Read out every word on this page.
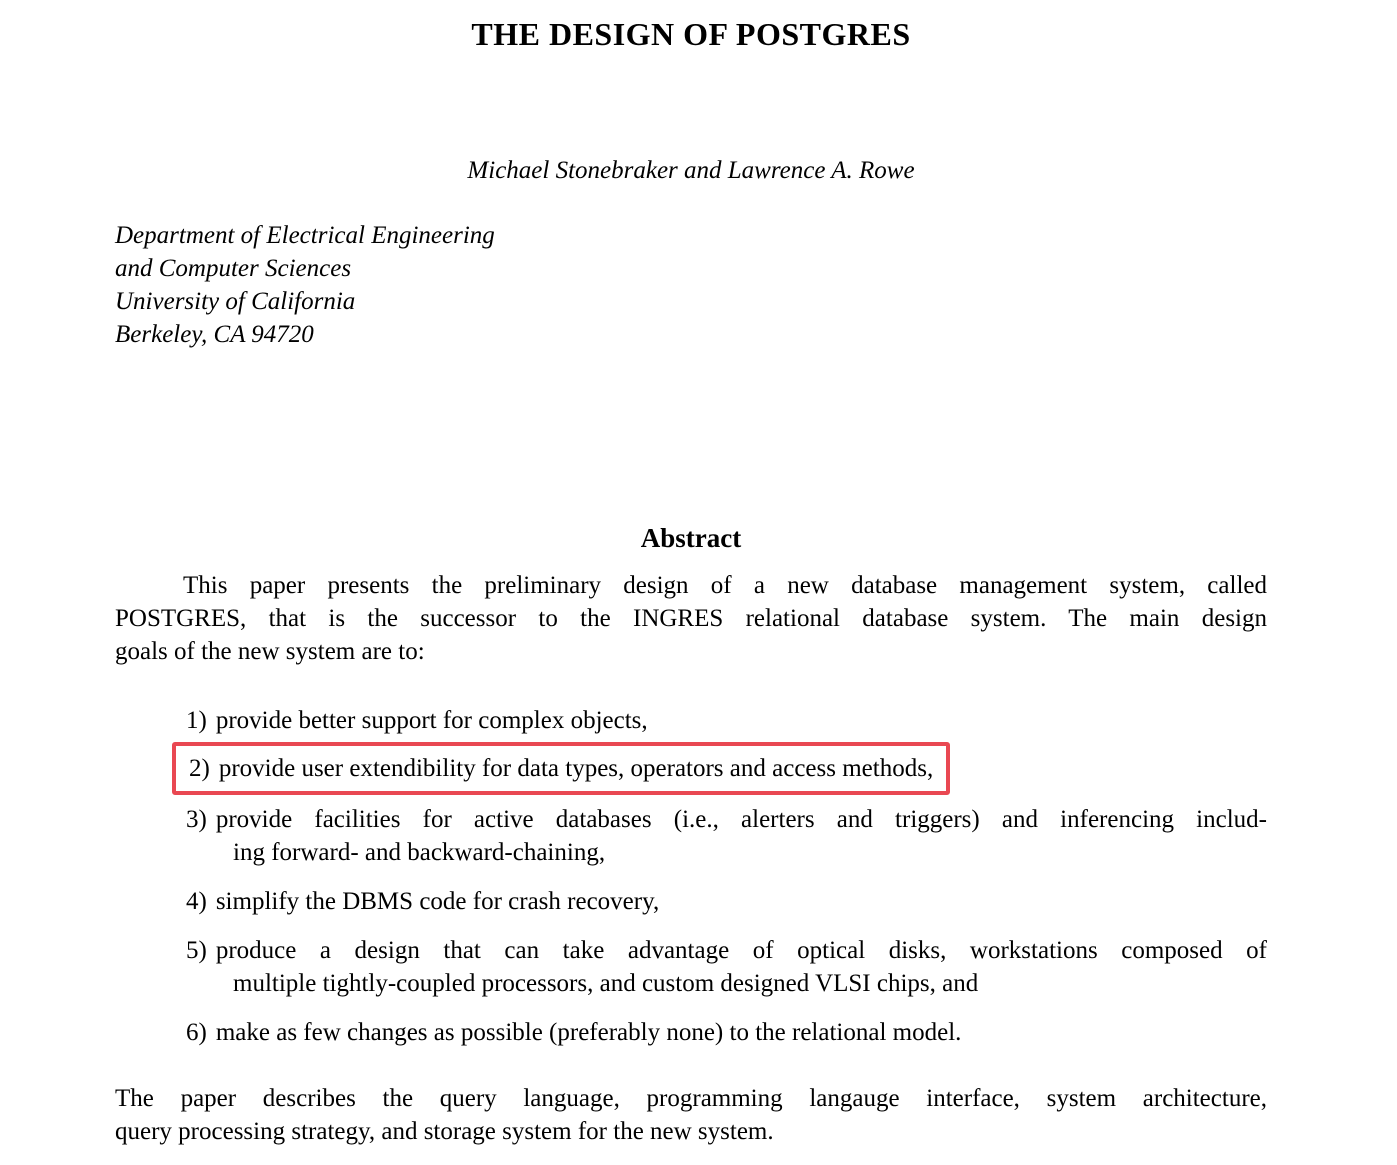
THE DESIGN OF POSTGRES
Michael Stonebraker and Lawrence A. Rowe
Department of Electrical Engineering
and Computer Sciences
University of California
Berkeley, CA 94720
Abstract
This paper presents the preliminary design of a new database management system, called
POSTGRES, that is the successor to the INGRES relational database system. The main design
goals of the new system are to:
1) provide better support for complex objects,
2) provide user extendibility for data types, operators and access methods,
3) provide facilities for active databases (i.e., alerters and triggers) and inferencing includ-
ing forward- and backward-chaining,
4) simplify the DBMS code for crash recovery,
5) produce a design that can take advantage of optical disks, workstations composed of
multiple tightly-coupled processors, and custom designed VLSI chips, and
6) make as few changes as possible (preferably none) to the relational model.
The paper describes the query language, programming langauge interface, system architecture,
query processing strategy, and storage system for the new system.
